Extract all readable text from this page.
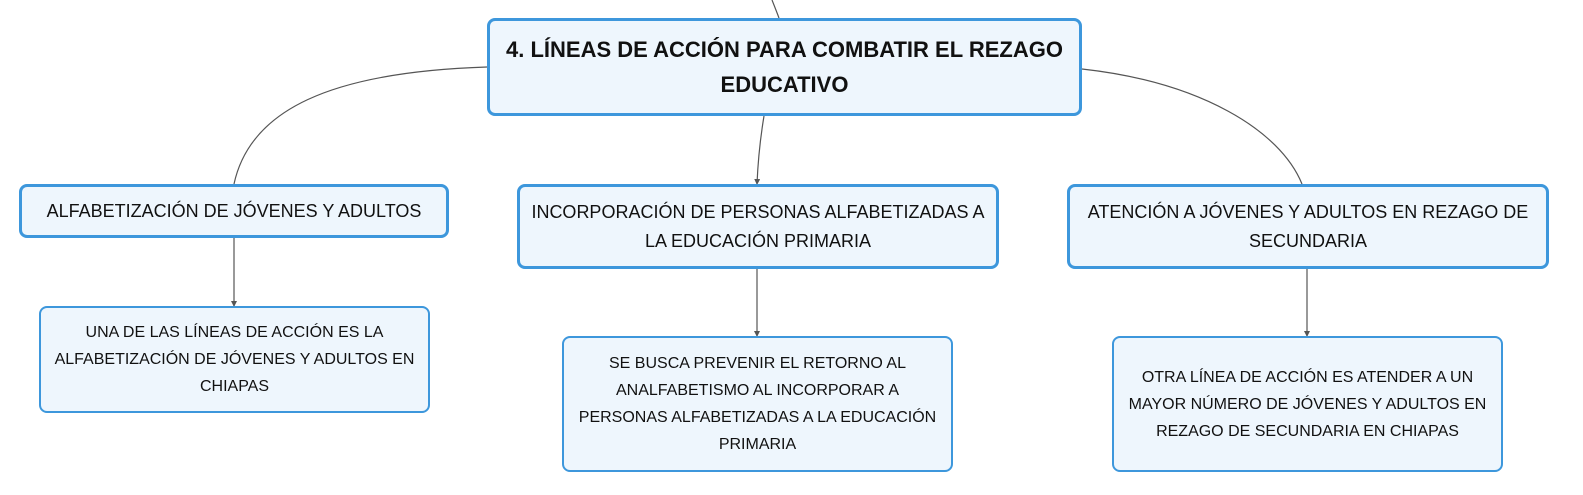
4. LÍNEAS DE ACCIÓN PARA COMBATIR EL REZAGO EDUCATIVO
ALFABETIZACIÓN DE JÓVENES Y ADULTOS	INCORPORACIÓN DE PERSONAS ALFABETIZADAS A LA EDUCACIÓN PRIMARIA
ATENCIÓN A JÓVENES Y ADULTOS EN REZAGO DE SECUNDARIA
UNA DE LAS LÍNEAS DE ACCIÓN ES LA ALFABETIZACIÓN DE JÓVENES Y ADULTOS EN CHIAPAS
SE BUSCA PREVENIR EL RETORNO AL ANALFABETISMO AL INCORPORAR A PERSONAS ALFABETIZADAS A LA EDUCACIÓN PRIMARIA
OTRA LÍNEA DE ACCIÓN ES ATENDER A UN MAYOR NÚMERO DE JÓVENES Y ADULTOS EN REZAGO DE SECUNDARIA EN CHIAPAS
